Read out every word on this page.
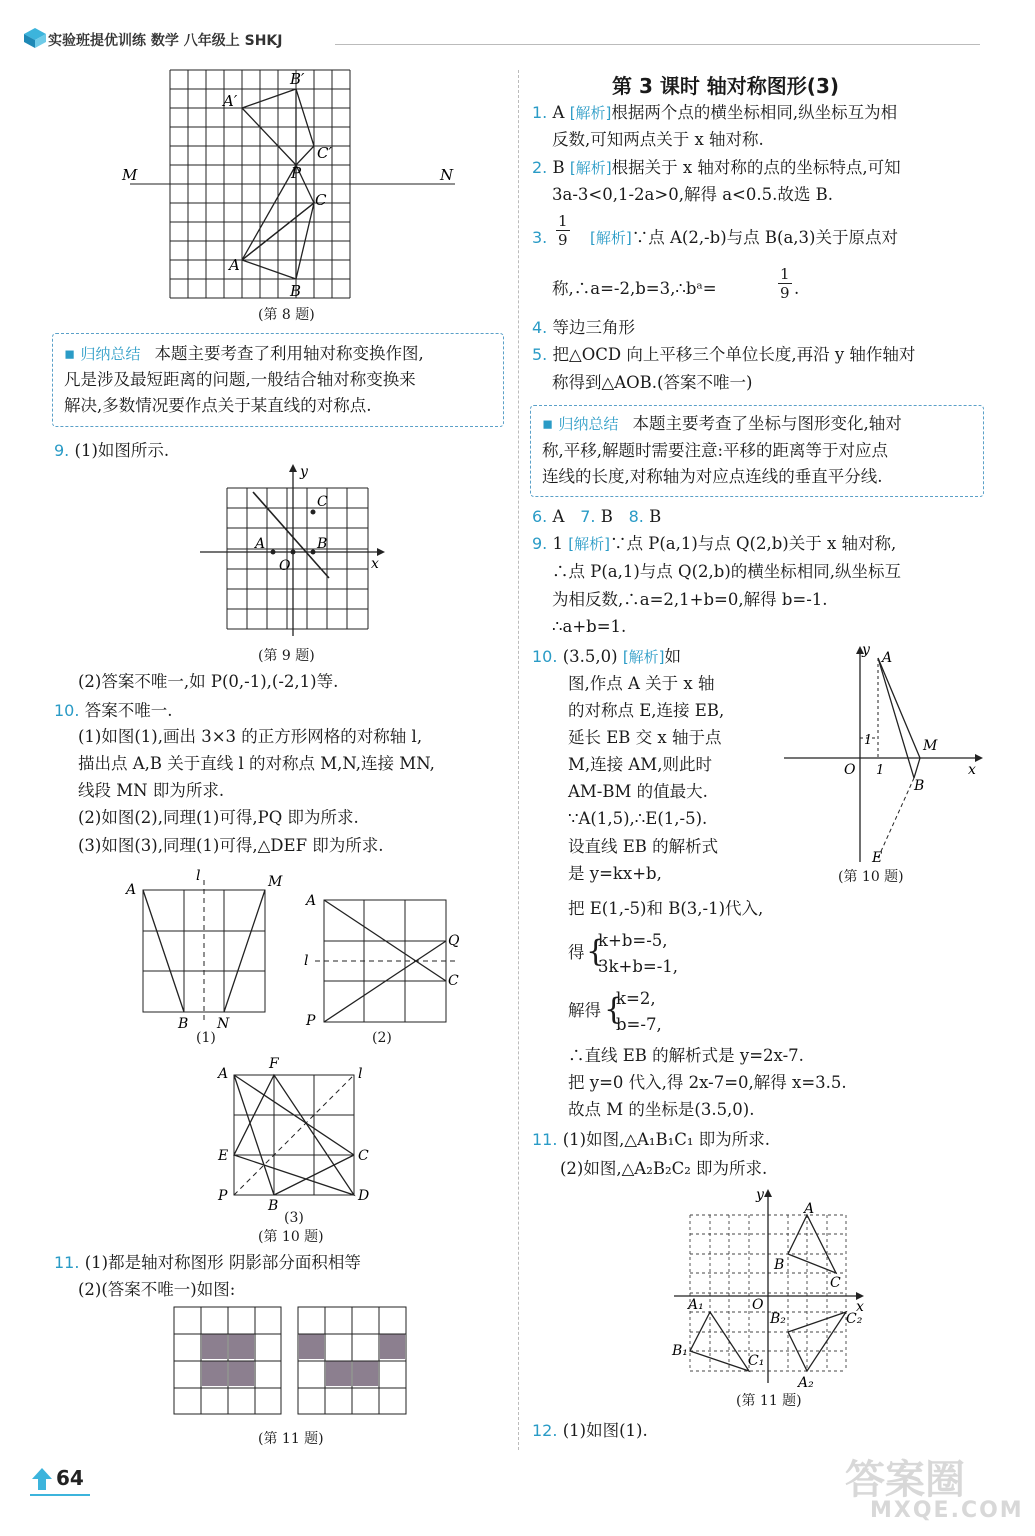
实验班提优训练 数学 八年级上 SHKJ
A′
B′
C′
P
C
A
B
M	N
(第 8 题)
▪ 归纳总结 本题主要考查了利用轴对称变换作图,
凡是涉及最短距离的问题,一般结合轴对称变换来
解决,多数情况要作点关于某直线的对称点.
9. (1)如图所示.
y
x
C
A	B
O
(第 9 题)
(2)答案不唯一,如 P(0,-1),(-2,1)等.
10. 答案不唯一.
(1)如图(1),画出 3×3 的正方形网格的对称轴 l,
描出点 A,B 关于直线 l 的对称点 M,N,连接 MN,
线段 MN 即为所求.
(2)如图(2),同理(1)可得,PQ 即为所求.
(3)如图(3),同理(1)可得,△DEF 即为所求.
A	M
l
B N
(1)
A
l
Q
C
P
(2)
A
F
l
E	C
P	D
B
(3)
(第 10 题)
11. (1)都是轴对称图形 阴影部分面积相等
(2)(答案不唯一)如图:
(第 11 题)
第 3 课时 轴对称图形(3)
1. A [解析]根据两个点的横坐标相同,纵坐标互为相
反数,可知两点关于 x 轴对称.
2. B [解析]根据关于 x 轴对称的点的坐标特点,可知
3a-3<0,1-2a>0,解得 a<0.5.故选 B.
3. $\frac{1}{9}$ [解析]∵点 A(2,-b)与点 B(a,3)关于原点对
称,∴a=-2,b=3,∴bᵃ=	$\frac{1}{9}$ .
4. 等边三角形
5. 把△OCD 向上平移三个单位长度,再沿 y 轴作轴对
称得到△AOB.(答案不唯一)
▪ 归纳总结 本题主要考查了坐标与图形变化,轴对
称,平移,解题时需要注意:平移的距离等于对应点
连线的长度,对称轴为对应点连线的垂直平分线.
6. A 7. B 8. B
9. 1 [解析]∵点 P(a,1)与点 Q(2,b)关于 x 轴对称,
∴点 P(a,1)与点 Q(2,b)的横坐标相同,纵坐标互
为相反数,∴a=2,1+b=0,解得 b=-1.
∴a+b=1.
10. (3.5,0) [解析]如
图,作点 A 关于 x 轴
的对称点 E,连接 EB,
延长 EB 交 x 轴于点
M,连接 AM,则此时
AM-BM 的值最大.
∵A(1,5),∴E(1,-5).
设直线 EB 的解析式
是 y=kx+b,
y A
1	M
O 1	x
B
E
(第 10 题)
把 E(1,-5)和 B(3,-1)代入,
得 {
k+b=-5,
3k+b=-1,
解得 {
k=2,
b=-7,
∴直线 EB 的解析式是 y=2x-7.
把 y=0 代入,得 2x-7=0,解得 x=3.5.
故点 M 的坐标是(3.5,0).
11. (1)如图,△A₁B₁C₁ 即为所求.
(2)如图,△A₂B₂C₂ 即为所求.
y
A
B
C
A₁	O	x
B₂	C₂
B₁
C₁
A₂
(第 11 题)
12. (1)如图(1).
64	答案圈
MXQE.COM
